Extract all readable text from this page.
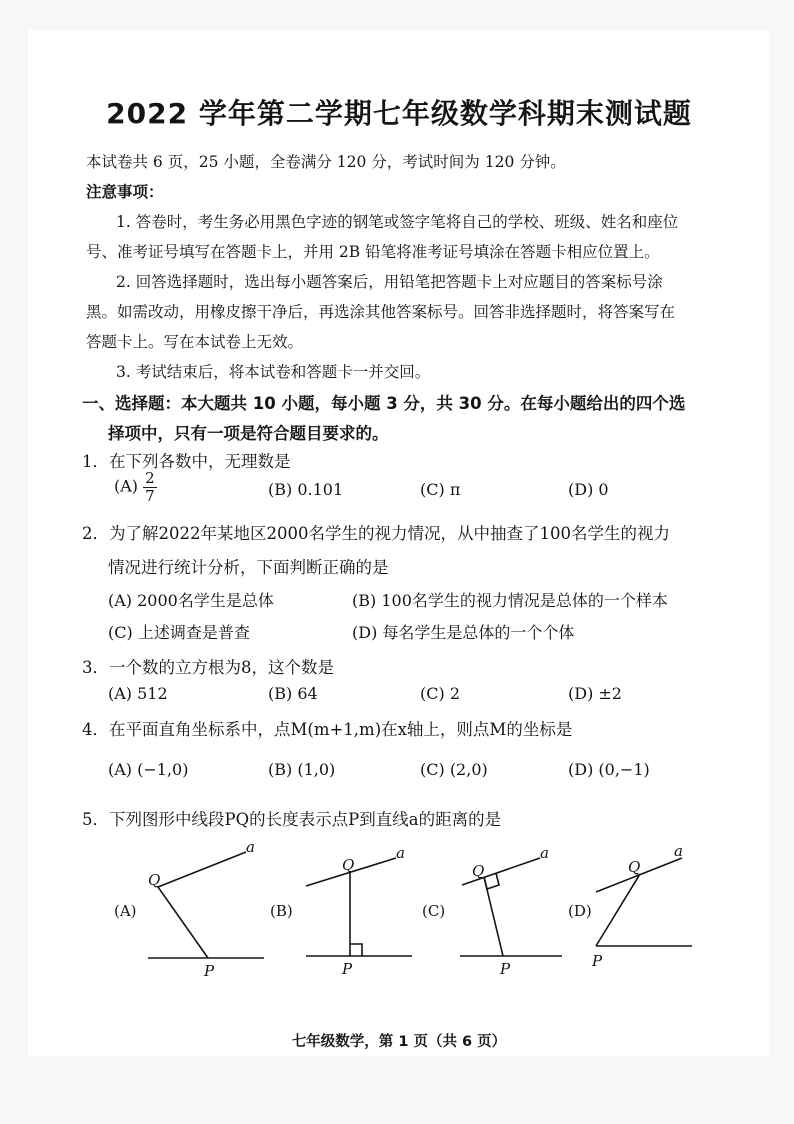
2022 学年第二学期七年级数学科期末测试题
本试卷共 6 页，25 小题，全卷满分 120 分，考试时间为 120 分钟。
注意事项：
1. 答卷时，考生务必用黑色字迹的钢笔或签字笔将自己的学校、班级、姓名和座位
号、准考证号填写在答题卡上，并用 2B 铅笔将准考证号填涂在答题卡相应位置上。
2. 回答选择题时，选出每小题答案后，用铅笔把答题卡上对应题目的答案标号涂
黑。如需改动，用橡皮擦干净后，再选涂其他答案标号。回答非选择题时，将答案写在
答题卡上。写在本试卷上无效。
3. 考试结束后，将本试卷和答题卡一并交回。
一、选择题：本大题共 10 小题，每小题 3 分，共 30 分。在每小题给出的四个选
择项中，只有一项是符合题目要求的。
1．在下列各数中，无理数是
$(A) \frac{2}{7}$	(B) 0.101	(C) π	(D) 0
2．为了解2022年某地区2000名学生的视力情况，从中抽查了100名学生的视力
情况进行统计分析，下面判断正确的是
(A) 2000名学生是总体	(B) 100名学生的视力情况是总体的一个样本
(C) 上述调查是普查	(D) 每名学生是总体的一个个体
3．一个数的立方根为8，这个数是
(A) 512	(B) 64	(C) 2	(D) ±2
4．在平面直角坐标系中，点M(m+1,m)在x轴上，则点M的坐标是
(A) (−1,0)	(B) (1,0)	(C) (2,0)	(D) (0,−1)
5．下列图形中线段PQ的长度表示点P到直线a的距离的是
(A)	(B)	(C)	(D)
Q
P
a
Q
P
a
Q
P
a
Q
P
a
七年级数学，第 1 页（共 6 页）
